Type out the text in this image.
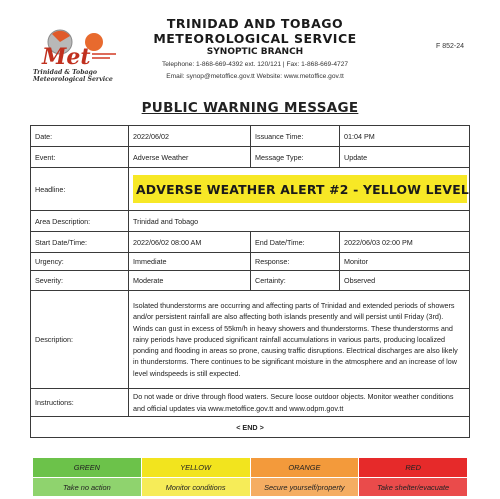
Met
Trinidad & Tobago
Meteorological Service
TRINIDAD AND TOBAGO
METEOROLOGICAL SERVICE
SYNOPTIC BRANCH
Telephone: 1-868-669-4392 ext. 120/121 | Fax: 1-868-669-4727
Email: synop@metoffice.gov.tt Website: www.metoffice.gov.tt
F 852-24
PUBLIC WARNING MESSAGE
Date:	2022/06/02	Issuance Time:	01:04 PM
Event:	Adverse Weather	Message Type:	Update
Headline:	ADVERSE WEATHER ALERT #2 - YELLOW LEVEL		

Area Description:	Trinidad and Tobago		
Start Date/Time:	2022/06/02 08:00 AM	End Date/Time:	2022/06/03 02:00 PM
Urgency:	Immediate	Response:	Monitor
Severity:	Moderate	Certainty:	Observed
Description:	Isolated thunderstorms are occurring and affecting parts of Trinidad and extended periods of showers and/or persistent rainfall are also affecting both islands presently and will persist until Friday (3rd). Winds can gust in excess of 55km/h in heavy showers and thunderstorms. These thunderstorms and rainy periods have produced significant rainfall accumulations in various parts, producing localized ponding and flooding in areas so prone, causing traffic disruptions. Electrical discharges are also likely in thunderstorms. There continues to be significant moisture in the atmosphere and an increase of low level windspeeds is still expected.		
Instructions:	Do not wade or drive through flood waters. Secure loose outdoor objects. Monitor weather conditions and official updates via www.metoffice.gov.tt and www.odpm.gov.tt		
< END >			
GREEN	YELLOW	ORANGE	RED
Take no action	Monitor conditions	Secure yourself/property	Take shelter/evacuate
